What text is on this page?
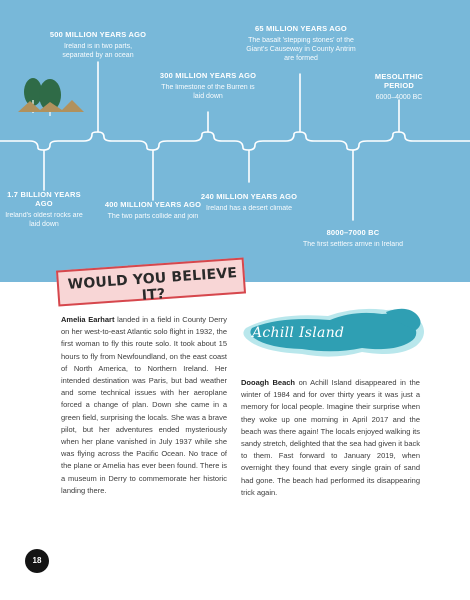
1.7 BILLION YEARS AGO
Ireland's oldest rocks are laid down
500 MILLION YEARS AGO
Ireland is in two parts, separated by an ocean
400 MILLION YEARS AGO
The two parts collide and join
300 MILLION YEARS AGO
The limestone of the Burren is laid down
240 MILLION YEARS AGO
Ireland has a desert climate
65 MILLION YEARS AGO
The basalt 'stepping stones' of the Giant's Causeway in County Antrim are formed
8000–7000 BC
The first settlers arrive in Ireland
MESOLITHIC PERIOD
6000–4000 BC
WOULD YOU BELIEVE IT?
Achill Island
Amelia Earhart landed in a field in County Derry on her west-to-east Atlantic solo flight in 1932, the first woman to fly this route solo. It took about 15 hours to fly from Newfoundland, on the east coast of North America, to Northern Ireland. Her intended destination was Paris, but bad weather and some technical issues with her aeroplane forced a change of plan. Down she came in a green field, surprising the locals. She was a brave pilot, but her adventures ended mysteriously when her plane vanished in July 1937 while she was flying across the Pacific Ocean. No trace of the plane or Amelia has ever been found. There is a museum in Derry to commemorate her historic landing there.
Dooagh Beach on Achill Island disappeared in the winter of 1984 and for over thirty years it was just a memory for local people. Imagine their surprise when they woke up one morning in April 2017 and the beach was there again! The locals enjoyed walking its sandy stretch, delighted that the sea had given it back to them. Fast forward to January 2019, when overnight they found that every single grain of sand had gone. The beach had performed its disappearing trick again.
18
